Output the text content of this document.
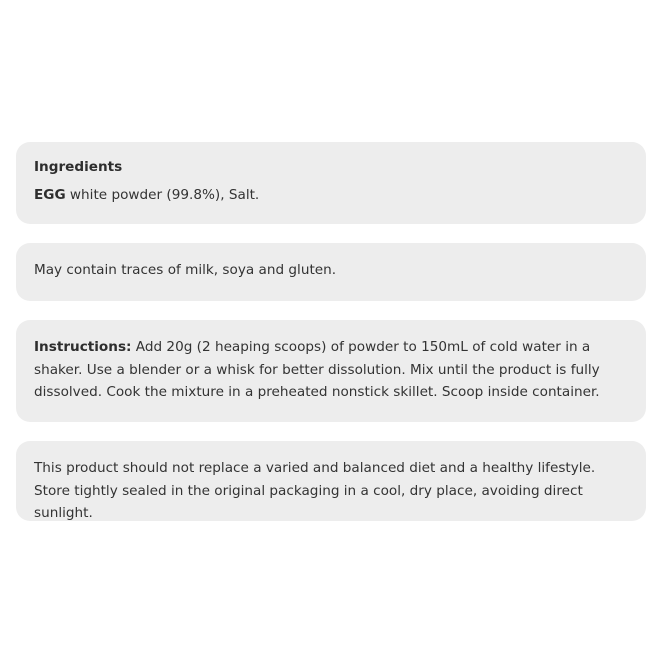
Ingredients
EGG white powder (99.8%), Salt.
May contain traces of milk, soya and gluten.
Instructions: Add 20g (2 heaping scoops) of powder to 150mL of cold water in a shaker. Use a blender or a whisk for better dissolution. Mix until the product is fully dissolved. Cook the mixture in a preheated nonstick skillet. Scoop inside container.
This product should not replace a varied and balanced diet and a healthy lifestyle. Store tightly sealed in the original packaging in a cool, dry place, avoiding direct sunlight.
